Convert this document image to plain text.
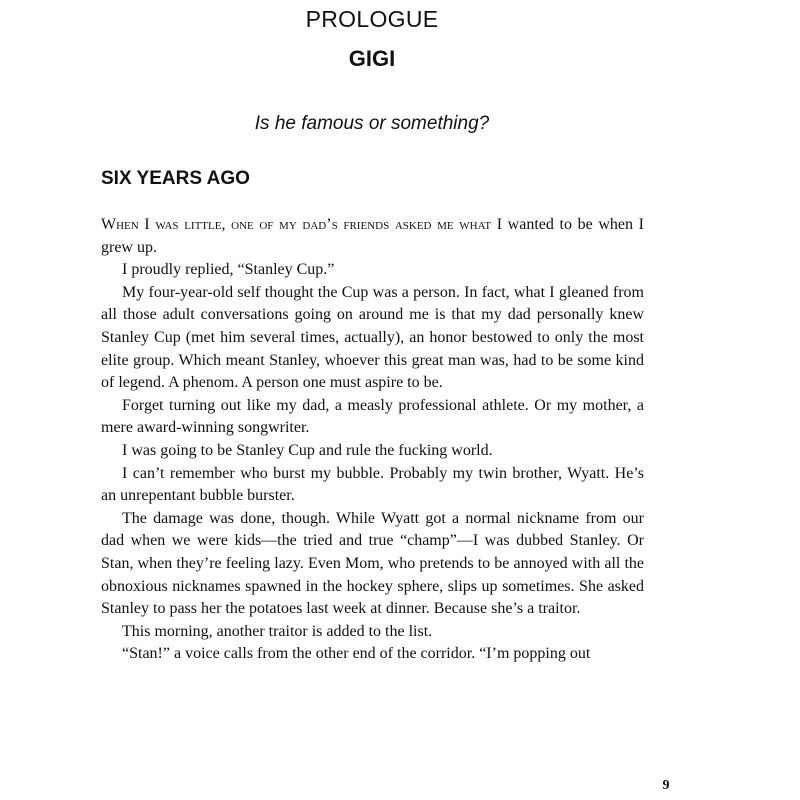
PROLOGUE
GIGI
Is he famous or something?
SIX YEARS AGO

When I was little, one of my dad’s friends asked me what I wanted to be when I grew up.

I proudly replied, “Stanley Cup.”

My four-year-old self thought the Cup was a person. In fact, what I gleaned from all those adult conversations going on around me is that my dad personally knew Stanley Cup (met him several times, actually), an honor bestowed to only the most elite group. Which meant Stanley, whoever this great man was, had to be some kind of legend. A phenom. A person one must aspire to be.

Forget turning out like my dad, a measly professional athlete. Or my mother, a mere award-winning songwriter.

I was going to be Stanley Cup and rule the fucking world.

I can’t remember who burst my bubble. Probably my twin brother, Wyatt. He’s an unrepentant bubble burster.

The damage was done, though. While Wyatt got a normal nickname from our dad when we were kids—the tried and true “champ”—I was dubbed Stanley. Or Stan, when they’re feeling lazy. Even Mom, who pretends to be annoyed with all the obnoxious nicknames spawned in the hockey sphere, slips up sometimes. She asked Stanley to pass her the potatoes last week at dinner. Because she’s a traitor.

This morning, another traitor is added to the list.

“Stan!” a voice calls from the other end of the corridor. “I’m popping out

9
